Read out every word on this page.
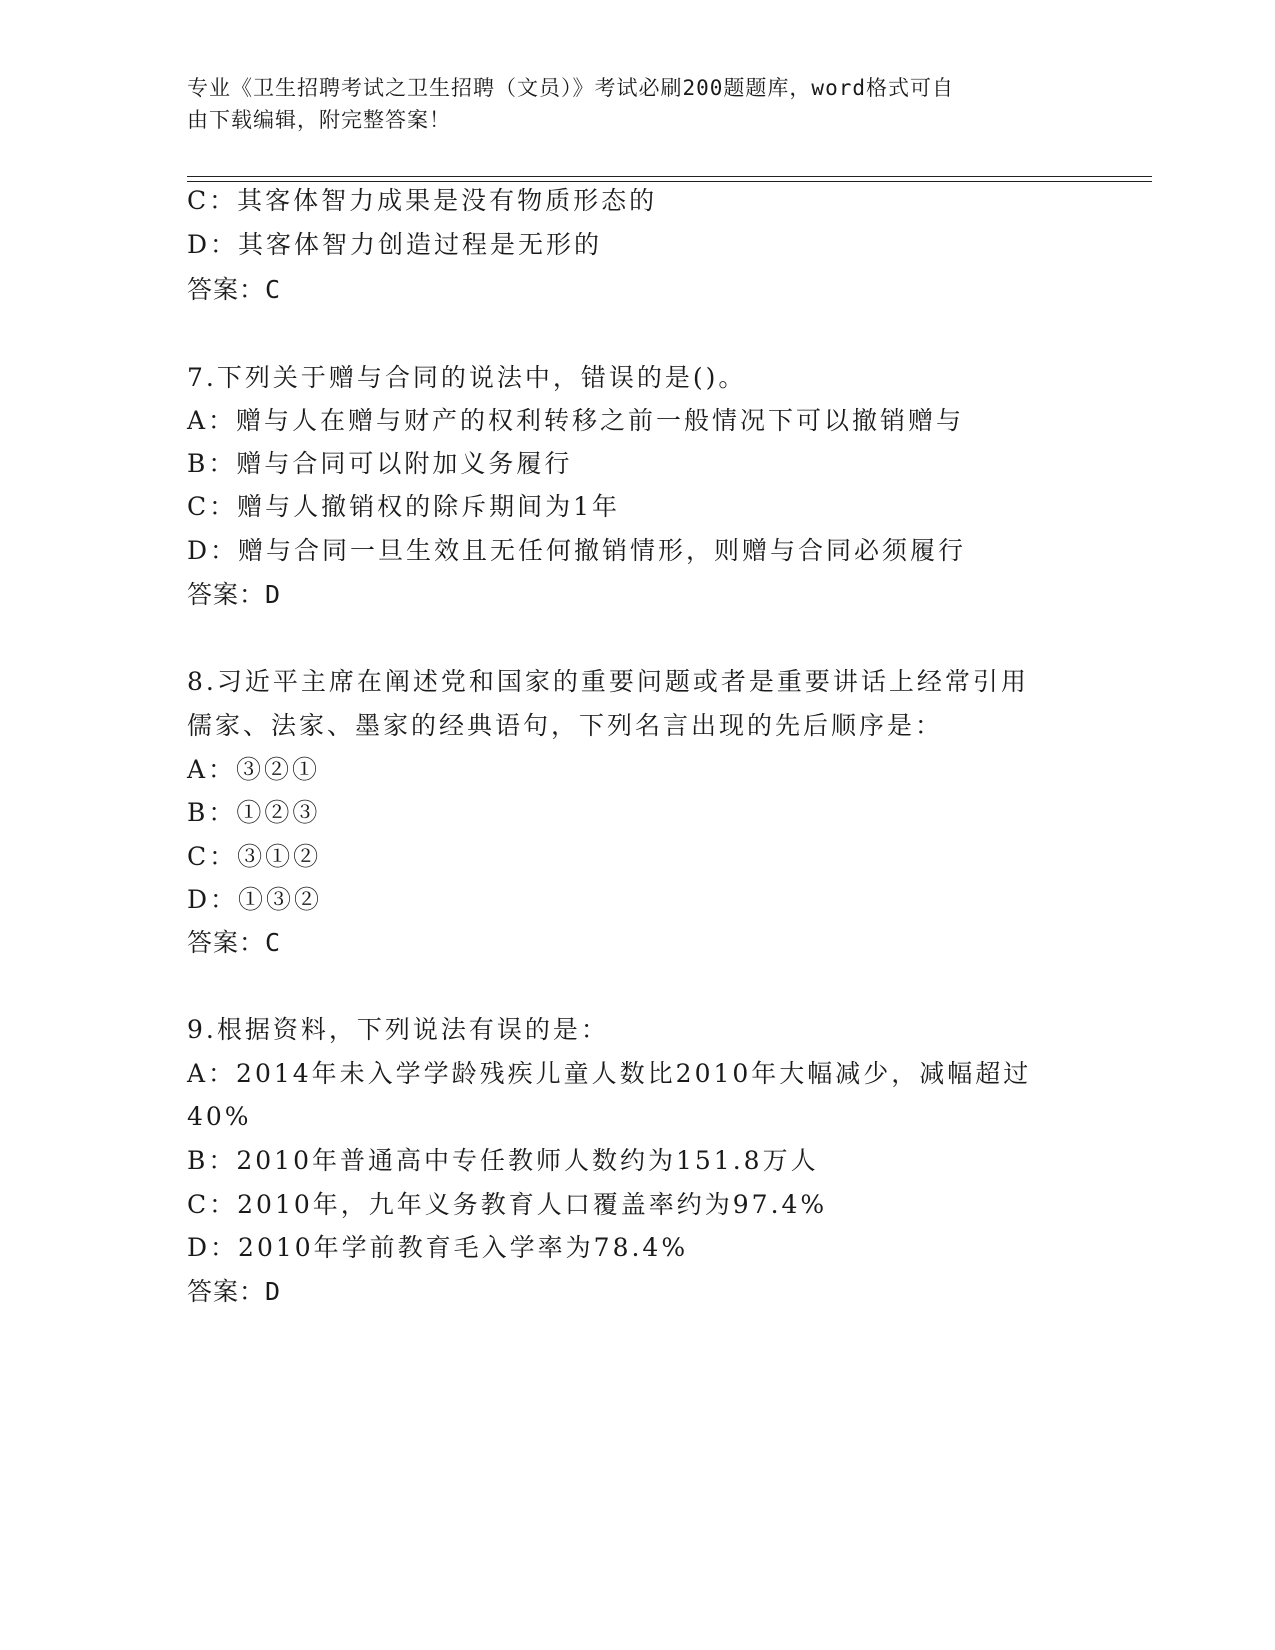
专业《卫生招聘考试之卫生招聘（文员）》考试必刷200题题库，word格式可自
由下载编辑，附完整答案！
C：其客体智力成果是没有物质形态的
D：其客体智力创造过程是无形的
答案：C
7.下列关于赠与合同的说法中，错误的是()。
A：赠与人在赠与财产的权利转移之前一般情况下可以撤销赠与
B：赠与合同可以附加义务履行
C：赠与人撤销权的除斥期间为1年
D：赠与合同一旦生效且无任何撤销情形，则赠与合同必须履行
答案：D
8.习近平主席在阐述党和国家的重要问题或者是重要讲话上经常引用
儒家、法家、墨家的经典语句，下列名言出现的先后顺序是：
A：③②①
B：①②③
C：③①②
D：①③②
答案：C
9.根据资料，下列说法有误的是：
A：2014年未入学学龄残疾儿童人数比2010年大幅减少，减幅超过
40%
B：2010年普通高中专任教师人数约为151.8万人
C：2010年，九年义务教育人口覆盖率约为97.4%
D：2010年学前教育毛入学率为78.4%
答案：D
